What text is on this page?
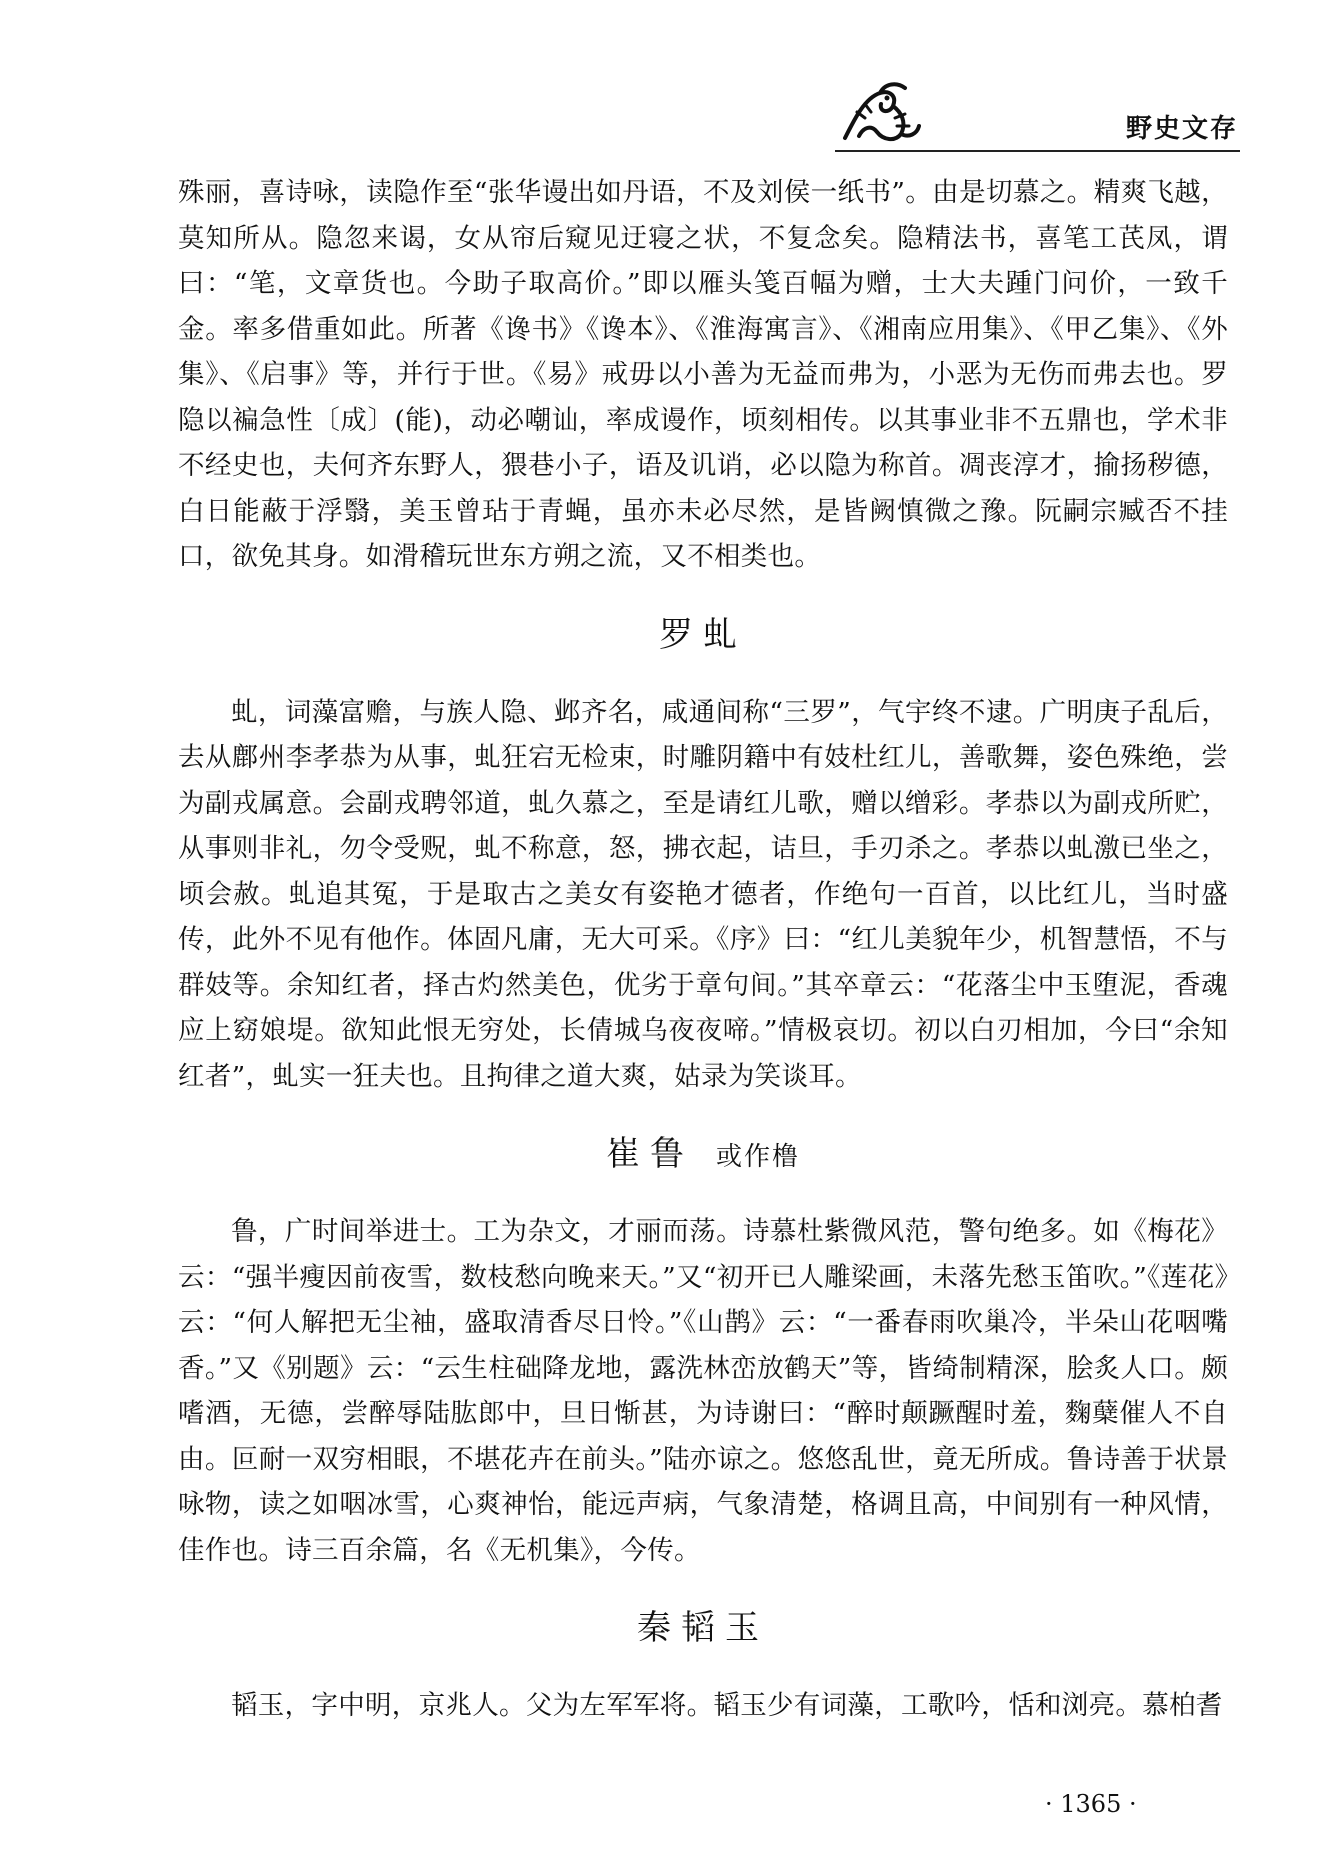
野史文存

殊丽，喜诗咏，读隐作至“张华谩出如丹语，不及刘侯一纸书”。由是切慕之。精爽飞越，莫知所从。隐忽来谒，女从帘后窥见迂寝之状，不复念矣。隐精法书，喜笔工芪凤，谓曰：“笔，文章货也。今助子取高价。”即以雁头笺百幅为赠，士大夫踵门问价，一致千金。率多借重如此。所著《谗书》《谗本》、《淮海寓言》、《湘南应用集》、《甲乙集》、《外集》、《启事》等，并行于世。《易》戒毋以小善为无益而弗为，小恶为无伤而弗去也。罗隐以褊急性〔成〕(能)，动必嘲讪，率成谩作，顷刻相传。以其事业非不五鼎也，学术非不经史也，夫何齐东野人，猥巷小子，语及讥诮，必以隐为称首。凋丧淳才，揄扬秽德，白日能蔽于浮翳，美玉曾玷于青蝇，虽亦未必尽然，是皆阙慎微之豫。阮嗣宗臧否不挂口，欲免其身。如滑稽玩世东方朔之流，又不相类也。

罗虬

虬，词藻富赡，与族人隐、邺齐名，咸通间称“三罗”，气宇终不逮。广明庚子乱后，去从鄜州李孝恭为从事，虬狂宕无检束，时雕阴籍中有妓杜红儿，善歌舞，姿色殊绝，尝为副戎属意。会副戎聘邻道，虬久慕之，至是请红儿歌，赠以缯彩。孝恭以为副戎所贮，从事则非礼，勿令受贶，虬不称意，怒，拂衣起，诘旦，手刃杀之。孝恭以虬激已坐之，顷会赦。虬追其冤，于是取古之美女有姿艳才德者，作绝句一百首，以比红儿，当时盛传，此外不见有他作。体固凡庸，无大可采。《序》曰：“红儿美貌年少，机智慧悟，不与群妓等。余知红者，择古灼然美色，优劣于章句间。”其卒章云：“花落尘中玉堕泥，香魂应上窈娘堤。欲知此恨无穷处，长倩城乌夜夜啼。”情极哀切。初以白刃相加，今曰“余知红者”，虬实一狂夫也。且拘律之道大爽，姑录为笑谈耳。

崔鲁 或作橹

鲁，广时间举进士。工为杂文，才丽而荡。诗慕杜紫微风范，警句绝多。如《梅花》云：“强半瘦因前夜雪，数枝愁向晚来天。”又“初开已人雕梁画，未落先愁玉笛吹。”《莲花》云：“何人解把无尘袖，盛取清香尽日怜。”《山鹊》云：“一番春雨吹巢冷，半朵山花咽嘴香。”又《别题》云：“云生柱础降龙地，露洗林峦放鹤天”等，皆绮制精深，脍炙人口。颇嗜酒，无德，尝醉辱陆肱郎中，旦日惭甚，为诗谢曰：“醉时颠蹶醒时羞，麴蘖催人不自由。叵耐一双穷相眼，不堪花卉在前头。”陆亦谅之。悠悠乱世，竟无所成。鲁诗善于状景咏物，读之如咽冰雪，心爽神怡，能远声病，气象清楚，格调且高，中间别有一种风情，佳作也。诗三百余篇，名《无机集》，今传。

秦韬玉

韬玉，字中明，京兆人。父为左军军将。韬玉少有词藻，工歌吟，恬和浏亮。慕柏耆

· 1365 ·
